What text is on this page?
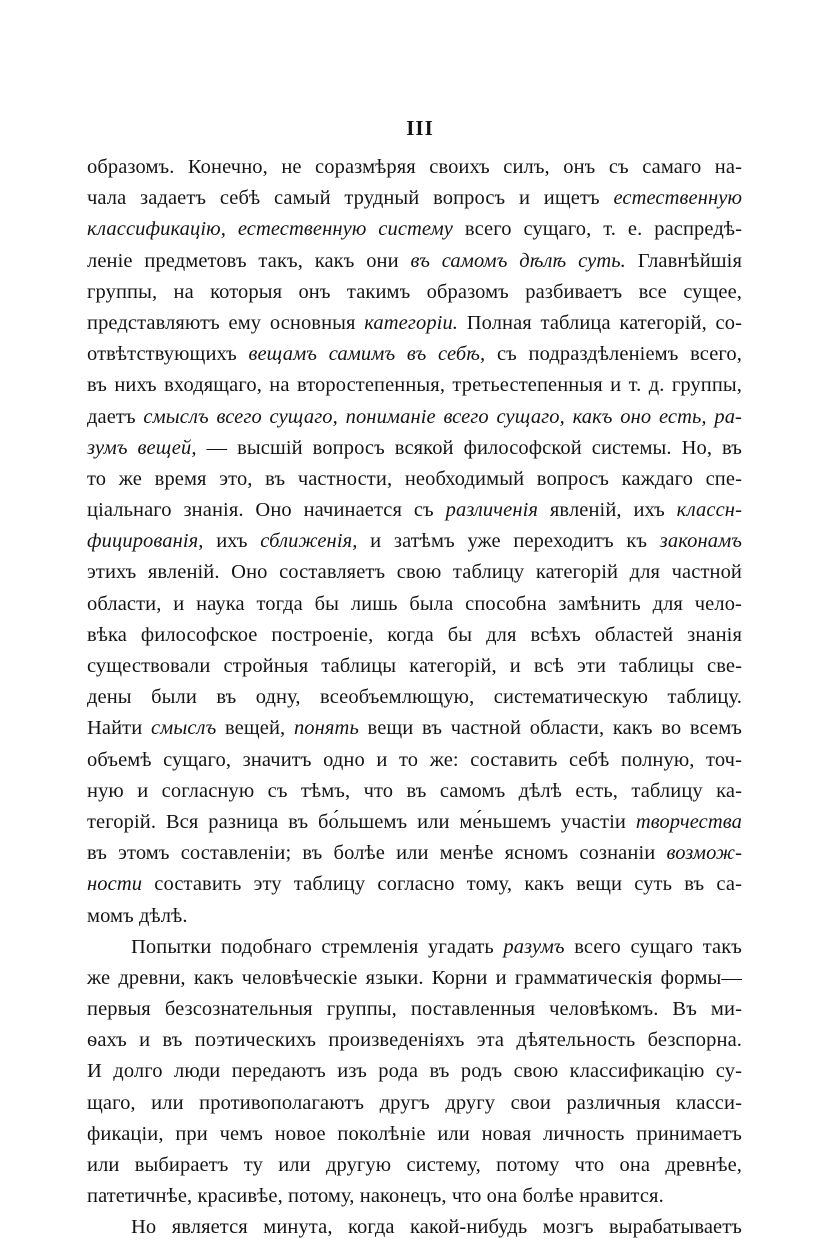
III
образомъ. Конечно, не соразмѣряя своихъ силъ, онъ съ самаго на-
чала задаетъ себѣ самый трудный вопросъ и ищетъ естественную
классификацію, естественную систему всего сущаго, т. е. распредѣ-
леніе предметовъ такъ, какъ они въ самомъ дѣлѣ суть. Главнѣйшія
группы, на которыя онъ такимъ образомъ разбиваетъ все сущее,
представляютъ ему основныя категоріи. Полная таблица категорій, со-
отвѣтствующихъ вещамъ самимъ въ себѣ, съ подраздѣленіемъ всего,
въ нихъ входящаго, на второстепенныя, третьестепенныя и т. д. группы,
даетъ смыслъ всего сущаго, пониманіе всего сущаго, какъ оно есть, ра-
зумъ вещей, — высшій вопросъ всякой философской системы. Но, въ
то же время это, въ частности, необходимый вопросъ каждаго спе-
ціальнаго знанія. Оно начинается съ различенія явленій, ихъ классн-
фицированія, ихъ сближенія, и затѣмъ уже переходитъ къ законамъ
этихъ явленій. Оно составляетъ свою таблицу категорій для частной
области, и наука тогда бы лишь была способна замѣнить для чело-
вѣка философское построеніе, когда бы для всѣхъ областей знанія
существовали стройныя таблицы категорій, и всѣ эти таблицы све-
дены были въ одну, всеобъемлющую, систематическую таблицу.
Найти смыслъ вещей, понять вещи въ частной области, какъ во всемъ
объемѣ сущаго, значитъ одно и то же: составить себѣ полную, точ-
ную и согласную съ тѣмъ, что въ самомъ дѣлѣ есть, таблицу ка-
тегорій. Вся разница въ бо́льшемъ или ме́ньшемъ участіи творчества
въ этомъ составленіи; въ болѣе или менѣе ясномъ сознаніи возмож-
ности составить эту таблицу согласно тому, какъ вещи суть въ са-
момъ дѣлѣ.
Попытки подобнаго стремленія угадать разумъ всего сущаго такъ
же древни, какъ человѣческіе языки. Корни и грамматическія формы—
первыя безсознательныя группы, поставленныя человѣкомъ. Въ ми-
ѳахъ и въ поэтическихъ произведеніяхъ эта дѣятельность безспорна.
И долго люди передаютъ изъ рода въ родъ свою классификацію су-
щаго, или противополагаютъ другъ другу свои различныя класси-
фикаціи, при чемъ новое поколѣніе или новая личность принимаетъ
или выбираетъ ту или другую систему, потому что она древнѣе,
патетичнѣе, красивѣе, потому, наконецъ, что она болѣе нравится.
Но является минута, когда какой-нибудь мозгъ вырабатываетъ
